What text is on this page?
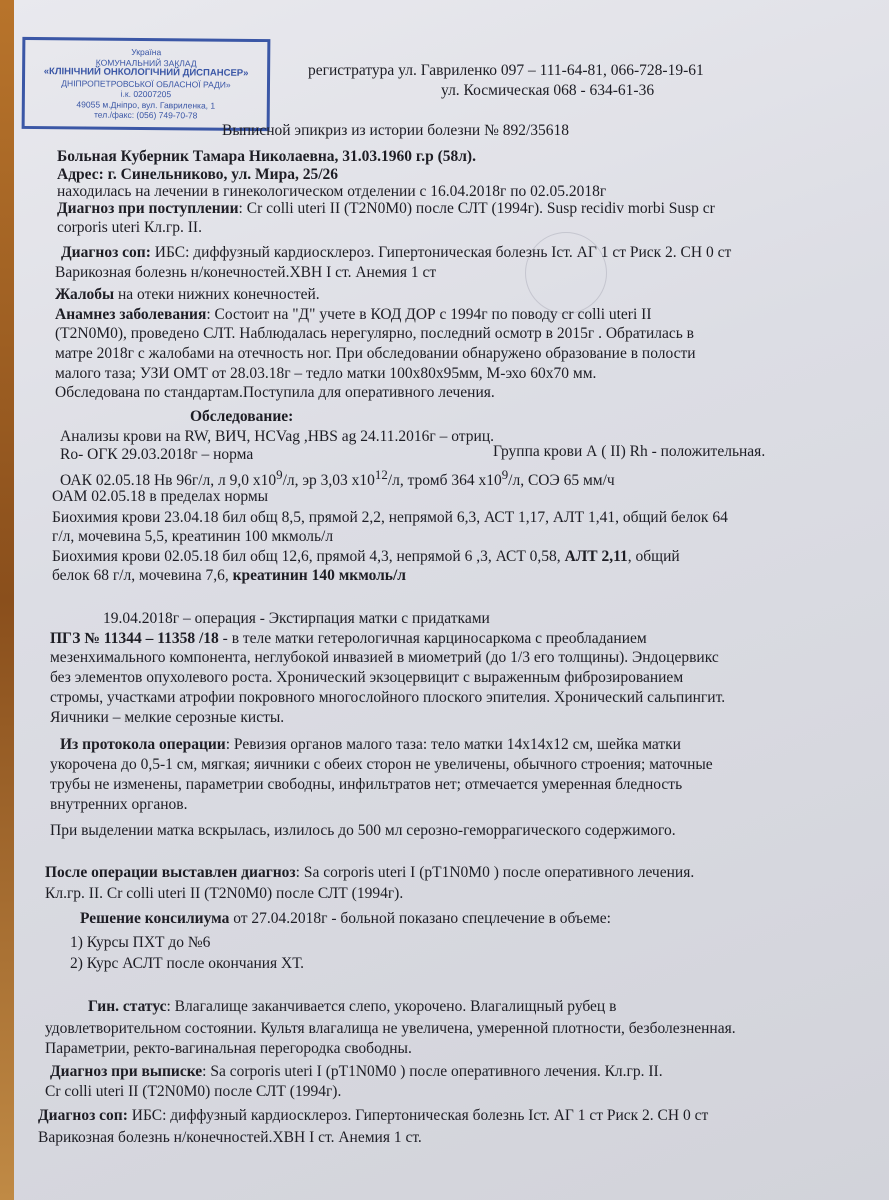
Україна
КОМУНАЛЬНИЙ ЗАКЛАД
«КЛІНІЧНИЙ ОНКОЛОГІЧНИЙ ДИСПАНСЕР»
ДНІПРОПЕТРОВСЬКОЇ ОБЛАСНОЇ РАДИ»
і.к. 02007205
49055 м.Дніпро, вул. Гавриленка, 1
тел./факс: (056) 749-70-78
регистратура ул. Гавриленко 097 – 111-64-81, 066-728-19-61
ул. Космическая 068 - 634-61-36
Выписной эпикриз из истории болезни № 892/35618
Больная Куберник Тамара Николаевна, 31.03.1960 г.р (58л).
Адрес: г. Синельниково, ул. Мира, 25/26
находилась на лечении в гинекологическом отделении с 16.04.2018г по 02.05.2018г
Диагноз при поступлении: Cr colli uteri II (T2N0M0) после СЛТ (1994г). Susp recidiv morbi Susp cr
corporis uteri Кл.гр. II.
Диагноз соп: ИБС: диффузный кардиосклероз. Гипертоническая болезнь Iст. АГ 1 ст Риск 2. СН 0 ст
Варикозная болезнь н/конечностей.ХВН I ст. Анемия 1 ст
Жалобы на отеки нижних конечностей.
Анамнез заболевания: Состоит на "Д" учете в КОД ДОР с 1994г по поводу cr colli uteri II
(T2N0M0), проведено СЛТ. Наблюдалась нерегулярно, последний осмотр в 2015г . Обратилась в
матре 2018г с жалобами на отечность ног. При обследовании обнаружено образование в полости
малого таза; УЗИ ОМТ от 28.03.18г – тедло матки 100х80х95мм, М-эхо 60х70 мм.
Обследована по стандартам.Поступила для оперативного лечения.
Обследование:
Анализы крови на RW, ВИЧ, HCVag ,HBS ag 24.11.2016г – отриц.
Ro- ОГК 29.03.2018г – норма	Группа крови А ( II) Rh - положительная.
ОАК 02.05.18 Нв 96г/л, л 9,0 $х10^9/л$, эр 3,03 $х10^{12}/л$, тромб 364 $х10^9/л$, СОЭ 65 мм/ч
ОАМ 02.05.18 в пределах нормы
Биохимия крови 23.04.18 бил общ 8,5, прямой 2,2, непрямой 6,3, АСТ 1,17, АЛТ 1,41, общий белок 64
г/л, мочевина 5,5, креатинин 100 мкмоль/л
Биохимия крови 02.05.18 бил общ 12,6, прямой 4,3, непрямой 6 ,3, АСТ 0,58, АЛТ 2,11, общий
белок 68 г/л, мочевина 7,6, креатинин 140 мкмоль/л
19.04.2018г – операция - Экстирпация матки с придатками
ПГЗ № 11344 – 11358 /18 - в теле матки гетерологичная карциносаркома с преобладанием
мезенхимального компонента, неглубокой инвазией в миометрий (до 1/3 его толщины). Эндоцервикс
без элементов опухолевого роста. Хронический экзоцервицит с выраженным фиброзированием
стромы, участками атрофии покровного многослойного плоского эпителия. Хронический сальпингит.
Яичники – мелкие серозные кисты.
Из протокола операции: Ревизия органов малого таза: тело матки 14х14х12 см, шейка матки
укорочена до 0,5-1 см, мягкая; яичники с обеих сторон не увеличены, обычного строения; маточные
трубы не изменены, параметрии свободны, инфильтратов нет; отмечается умеренная бледность
внутренних органов.
При выделении матка вскрылась, излилось до 500 мл серозно-геморрагического содержимого.
После операции выставлен диагноз: Sa corporis uteri I (pT1N0M0 ) после оперативного лечения.
Кл.гр. II. Cr colli uteri II (T2N0M0) после СЛТ (1994г).
Решение консилиума от 27.04.2018г - больной показано спецлечение в объеме:
1) Курсы ПХТ до №6
2) Курс АСЛТ после окончания ХТ.
Гин. статус: Влагалище заканчивается слепо, укорочено. Влагалищный рубец в
удовлетворительном состоянии. Культя влагалища не увеличена, умеренной плотности, безболезненная.
Параметрии, ректо-вагинальная перегородка свободны.
Диагноз при выписке: Sa corporis uteri I (pT1N0M0 ) после оперативного лечения. Кл.гр. II.
Cr colli uteri II (T2N0M0) после СЛТ (1994г).
Диагноз соп: ИБС: диффузный кардиосклероз. Гипертоническая болезнь Iст. АГ 1 ст Риск 2. СН 0 ст
Варикозная болезнь н/конечностей.ХВН I ст. Анемия 1 ст.
